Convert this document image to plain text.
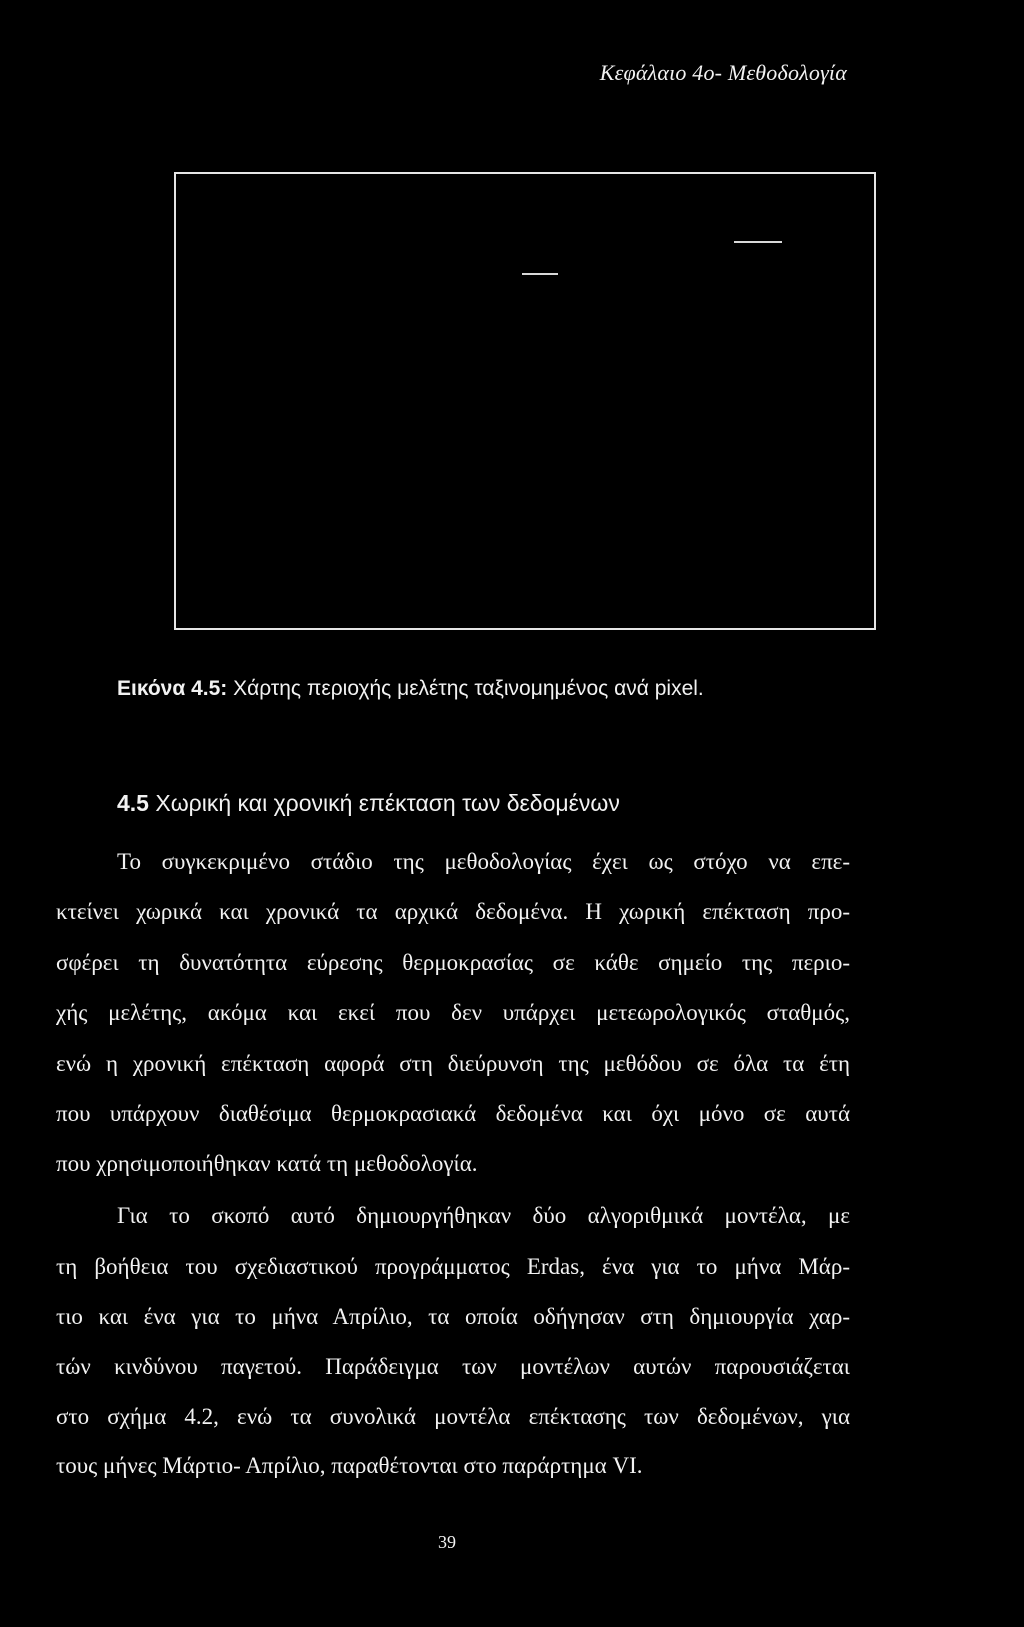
Κεφάλαιο 4ο- Μεθοδολογία

Εικόνα 4.5: Χάρτης περιοχής μελέτης ταξινομημένος ανά pixel.

4.5 Χωρική και χρονική επέκταση των δεδομένων

Το συγκεκριμένο στάδιο της μεθοδολογίας έχει ως στόχο να επε-

κτείνει χωρικά και χρονικά τα αρχικά δεδομένα. Η χωρική επέκταση προ-

σφέρει τη δυνατότητα εύρεσης θερμοκρασίας σε κάθε σημείο της περιο-

χής μελέτης, ακόμα και εκεί που δεν υπάρχει μετεωρολογικός σταθμός,

ενώ η χρονική επέκταση αφορά στη διεύρυνση της μεθόδου σε όλα τα έτη

που υπάρχουν διαθέσιμα θερμοκρασιακά δεδομένα και όχι μόνο σε αυτά

που χρησιμοποιήθηκαν κατά τη μεθοδολογία.

Για το σκοπό αυτό δημιουργήθηκαν δύο αλγοριθμικά μοντέλα, με

τη βοήθεια του σχεδιαστικού προγράμματος Erdas, ένα για το μήνα Μάρ-

τιο και ένα για το μήνα Απρίλιο, τα οποία οδήγησαν στη δημιουργία χαρ-

τών κινδύνου παγετού. Παράδειγμα των μοντέλων αυτών παρουσιάζεται

στο σχήμα 4.2, ενώ τα συνολικά μοντέλα επέκτασης των δεδομένων, για

τους μήνες Μάρτιο- Απρίλιο, παραθέτονται στο παράρτημα VI.

39
